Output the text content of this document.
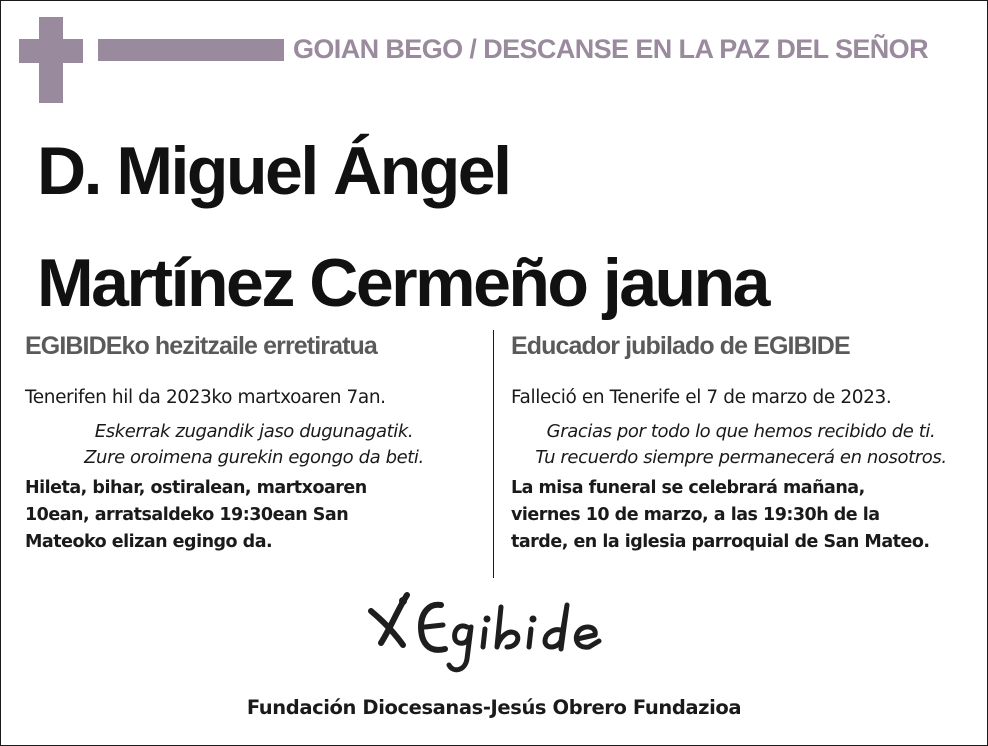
GOIAN BEGO / DESCANSE EN LA PAZ DEL SEÑOR
D. Miguel Ángel
Martínez Cermeño jauna

EGIBIDEko hezitzaile erretiratua

Tenerifen hil da 2023ko martxoaren 7an.
Eskerrak zugandik jaso dugunagatik.
Zure oroimena gurekin egongo da beti.
Hileta, bihar, ostiralean, martxoaren
10ean, arratsaldeko 19:30ean San
Mateoko elizan egingo da.

Educador jubilado de EGIBIDE

Falleció en Tenerife el 7 de marzo de 2023.
Gracias por todo lo que hemos recibido de ti.
Tu recuerdo siempre permanecerá en nosotros.
La misa funeral se celebrará mañana,
viernes 10 de marzo, a las 19:30h de la
tarde, en la iglesia parroquial de San Mateo.
Fundación Diocesanas-Jesús Obrero Fundazioa
